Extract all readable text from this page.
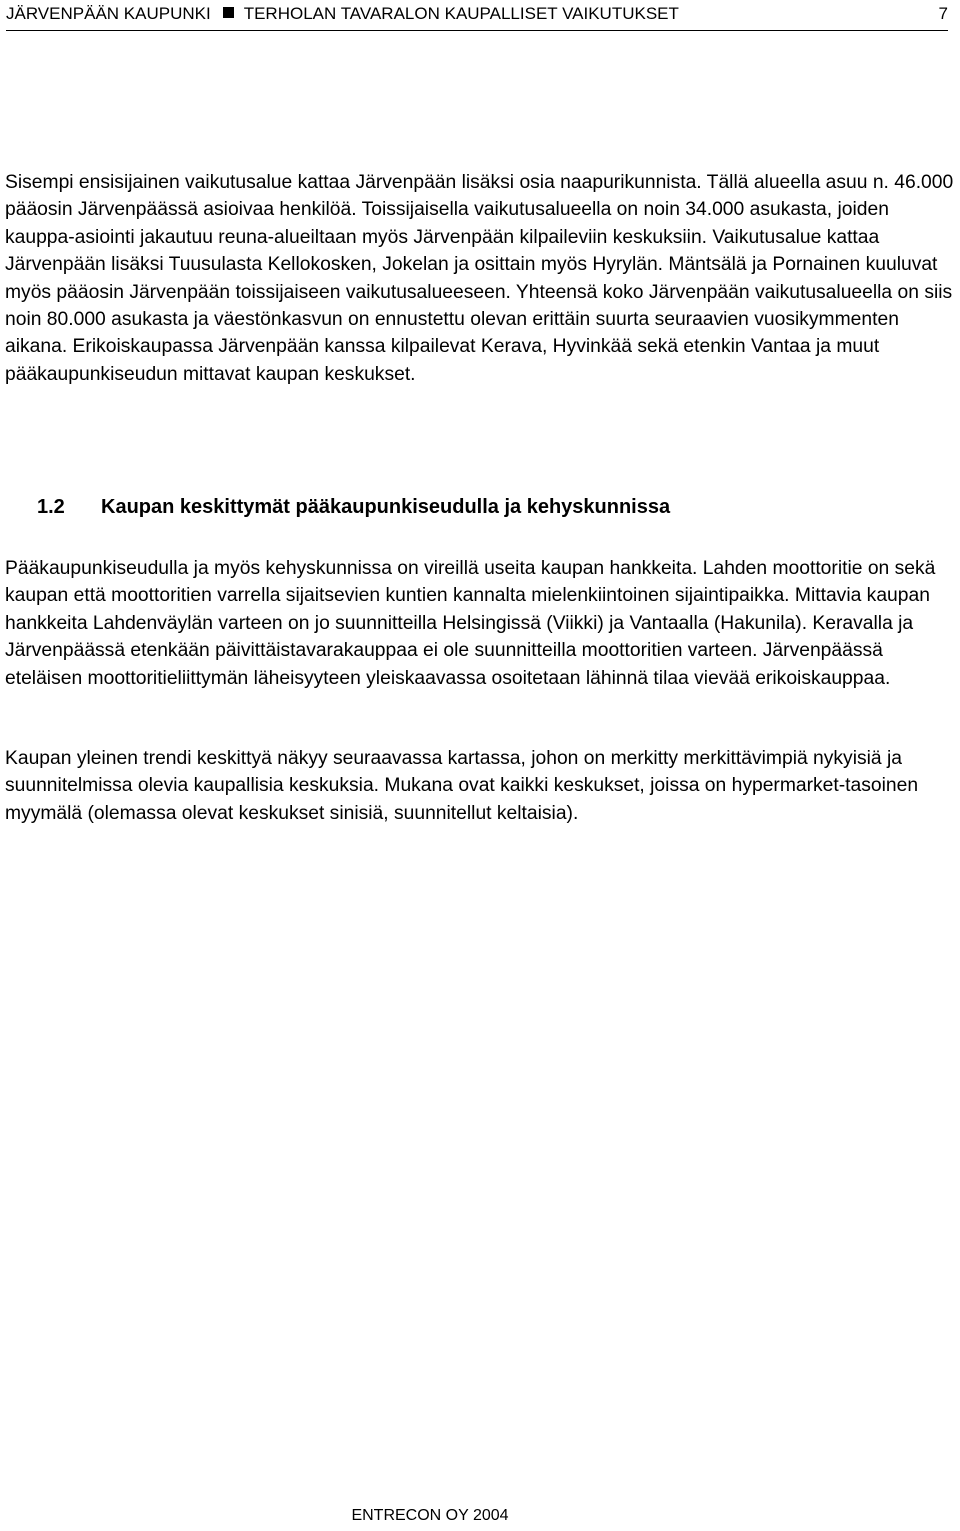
JÄRVENPÄÄN KAUPUNKI TERHOLAN TAVARALON KAUPALLISET VAIKUTUKSET	7

Sisempi ensisijainen vaikutusalue kattaa Järvenpään lisäksi osia naapurikunnista. Tällä alueella asuu n. 46.000 pääosin Järvenpäässä asioivaa henkilöä. Toissijaisella vaikutusalueella on noin 34.000 asukasta, joiden kauppa-asiointi jakautuu reuna-alueiltaan myös Järvenpään kilpaileviin keskuksiin. Vaikutusalue kattaa Järvenpään lisäksi Tuusulasta Kellokosken, Jokelan ja osittain myös Hyrylän. Mäntsälä ja Pornainen kuuluvat myös pääosin Järvenpään toissijaiseen vaikutusalueeseen. Yhteensä koko Järvenpään vaikutusalueella on siis noin 80.000 asukasta ja väestönkasvun on ennustettu olevan erittäin suurta seuraavien vuosikymmenten aikana. Erikoiskaupassa Järvenpään kanssa kilpailevat Kerava, Hyvinkää sekä etenkin Vantaa ja muut pääkaupunkiseudun mittavat kaupan keskukset.

1.2 Kaupan keskittymät pääkaupunkiseudulla ja kehyskunnissa

Pääkaupunkiseudulla ja myös kehyskunnissa on vireillä useita kaupan hankkeita. Lahden moottoritie on sekä kaupan että moottoritien varrella sijaitsevien kuntien kannalta mielenkiintoinen sijaintipaikka. Mittavia kaupan hankkeita Lahdenväylän varteen on jo suunnitteilla Helsingissä (Viikki) ja Vantaalla (Hakunila). Keravalla ja Järvenpäässä etenkään päivittäistavarakauppaa ei ole suunnitteilla moottoritien varteen. Järvenpäässä eteläisen moottoritieliittymän läheisyyteen yleiskaavassa osoitetaan lähinnä tilaa vievää erikoiskauppaa.

Kaupan yleinen trendi keskittyä näkyy seuraavassa kartassa, johon on merkitty merkittävimpiä nykyisiä ja suunnitelmissa olevia kaupallisia keskuksia. Mukana ovat kaikki keskukset, joissa on hypermarket-tasoinen myymälä (olemassa olevat keskukset sinisiä, suunnitellut keltaisia).

ENTRECON OY 2004
